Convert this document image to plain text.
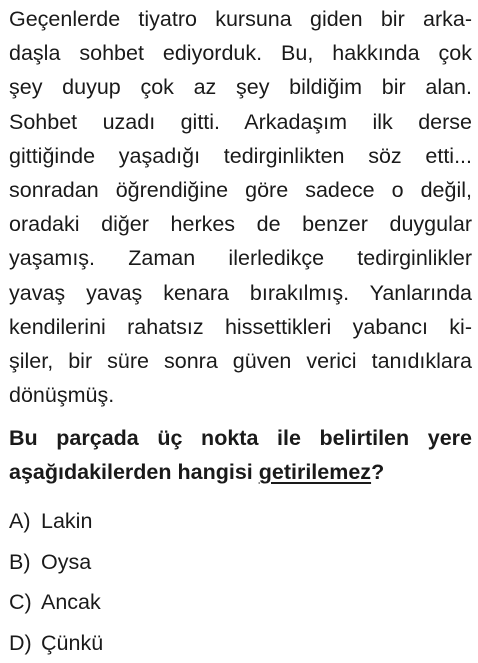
Geçenlerde tiyatro kursuna giden bir arka-
daşla sohbet ediyorduk. Bu, hakkında çok
şey duyup çok az şey bildiğim bir alan.
Sohbet uzadı gitti. Arkadaşım ilk derse
gittiğinde yaşadığı tedirginlikten söz etti...
sonradan öğrendiğine göre sadece o değil,
oradaki diğer herkes de benzer duygular
yaşamış. Zaman ilerledikçe tedirginlikler
yavaş yavaş kenara bırakılmış. Yanlarında
kendilerini rahatsız hissettikleri yabancı ki-
şiler, bir süre sonra güven verici tanıdıklara
dönüşmüş.
Bu parçada üç nokta ile belirtilen yere
aşağıdakilerden hangisi getirilemez?
A) Lakin
B) Oysa
C) Ancak
D) Çünkü
